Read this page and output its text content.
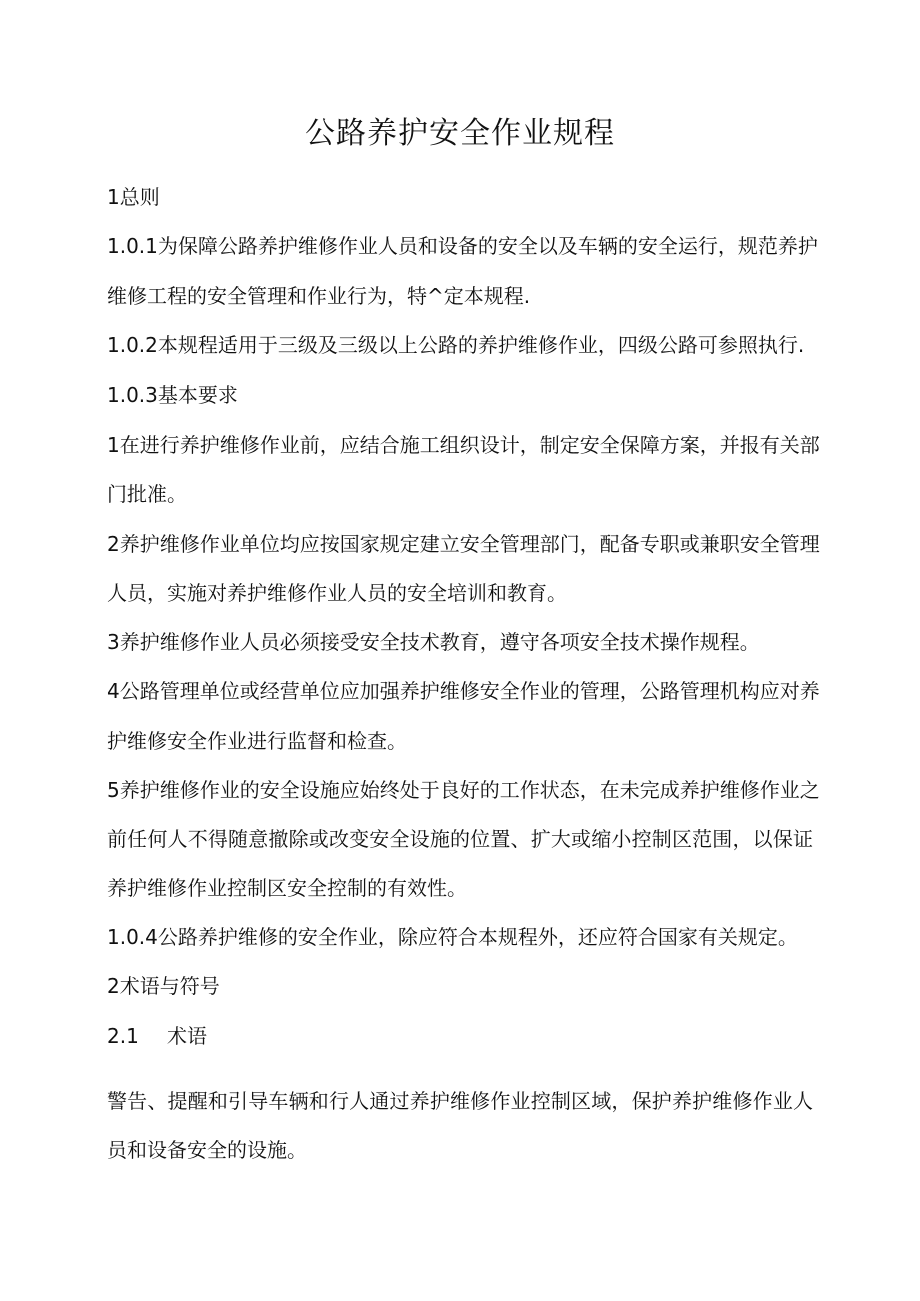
公路养护安全作业规程

1总则

1.0.1为保障公路养护维修作业人员和设备的安全以及车辆的安全运行，规范养护

维修工程的安全管理和作业行为，特^定本规程.

1.0.2本规程适用于三级及三级以上公路的养护维修作业，四级公路可参照执行.

1.0.3基本要求

1在进行养护维修作业前，应结合施工组织设计，制定安全保障方案，并报有关部

门批准。

2养护维修作业单位均应按国家规定建立安全管理部门，配备专职或兼职安全管理

人员，实施对养护维修作业人员的安全培训和教育。

3养护维修作业人员必须接受安全技术教育，遵守各项安全技术操作规程。

4公路管理单位或经营单位应加强养护维修安全作业的管理，公路管理机构应对养

护维修安全作业进行监督和检查。

5养护维修作业的安全设施应始终处于良好的工作状态，在未完成养护维修作业之

前任何人不得随意撤除或改变安全设施的位置、扩大或缩小控制区范围，以保证

养护维修作业控制区安全控制的有效性。

1.0.4公路养护维修的安全作业，除应符合本规程外，还应符合国家有关规定。

2术语与符号

2.1 术语

警告、提醒和引导车辆和行人通过养护维修作业控制区域，保护养护维修作业人

员和设备安全的设施。
